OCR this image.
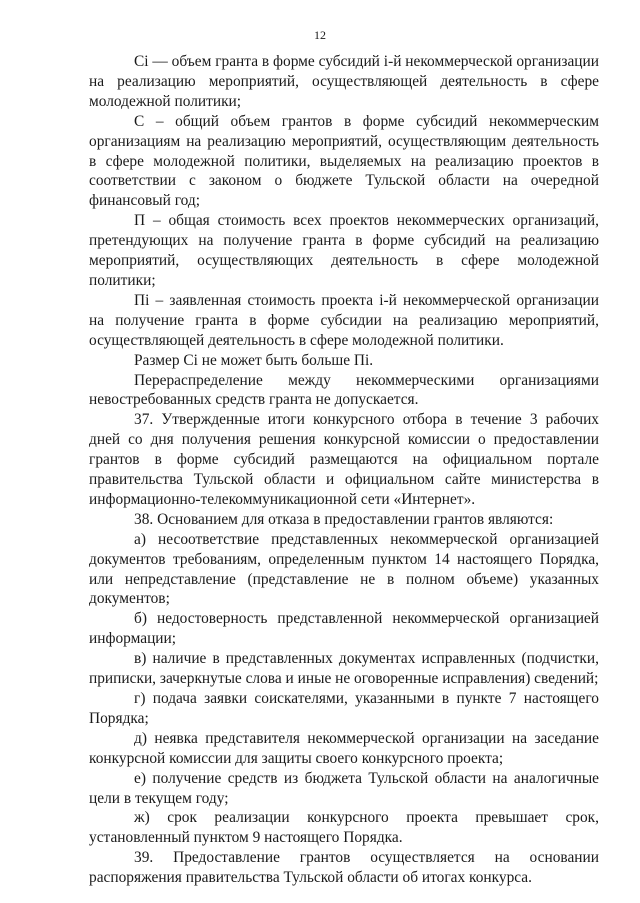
12

Ci — объем гранта в форме субсидий i-й некоммерческой организации на реализацию мероприятий, осуществляющей деятельность в сфере молодежной политики;

С – общий объем грантов в форме субсидий некоммерческим организациям на реализацию мероприятий, осуществляющим деятельность в сфере молодежной политики, выделяемых на реализацию проектов в соответствии с законом о бюджете Тульской области на очередной финансовый год;

П – общая стоимость всех проектов некоммерческих организаций, претендующих на получение гранта в форме субсидий на реализацию мероприятий, осуществляющих деятельность в сфере молодежной политики;

Пi – заявленная стоимость проекта i-й некоммерческой организации на получение гранта в форме субсидии на реализацию мероприятий, осуществляющей деятельность в сфере молодежной политики.

Размер Ci не может быть больше Пi.

Перераспределение между некоммерческими организациями невостребованных средств гранта не допускается.

37. Утвержденные итоги конкурсного отбора в течение 3 рабочих дней со дня получения решения конкурсной комиссии о предоставлении грантов в форме субсидий размещаются на официальном портале правительства Тульской области и официальном сайте министерства в информационно-телекоммуникационной сети «Интернет».

38. Основанием для отказа в предоставлении грантов являются:

а) несоответствие представленных некоммерческой организацией документов требованиям, определенным пунктом 14 настоящего Порядка, или непредставление (представление не в полном объеме) указанных документов;

б) недостоверность представленной некоммерческой организацией информации;

в) наличие в представленных документах исправленных (подчистки, приписки, зачеркнутые слова и иные не оговоренные исправления) сведений;

г) подача заявки соискателями, указанными в пункте 7 настоящего Порядка;

д) неявка представителя некоммерческой организации на заседание конкурсной комиссии для защиты своего конкурсного проекта;

е) получение средств из бюджета Тульской области на аналогичные цели в текущем году;

ж) срок реализации конкурсного проекта превышает срок, установленный пунктом 9 настоящего Порядка.

39. Предоставление грантов осуществляется на основании распоряжения правительства Тульской области об итогах конкурса.
